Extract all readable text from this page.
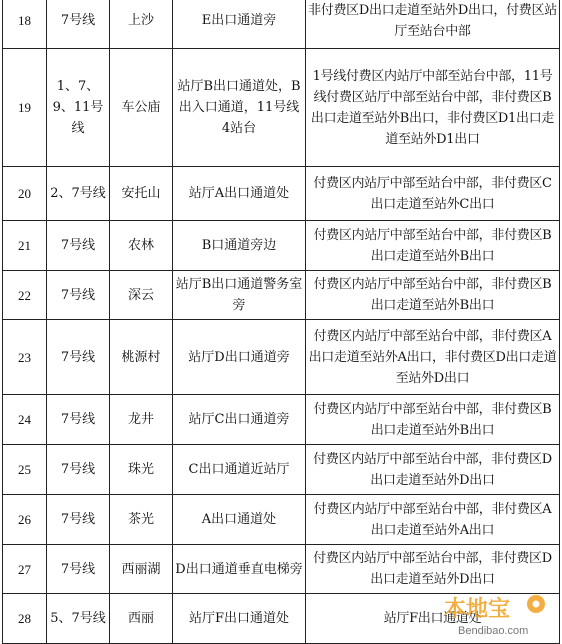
18	7号线	上沙	E出口通道旁	非付费区D出口走道至站外D出口，付费区站厅至站台中部
19	1、7、9、11号线	车公庙	站厅B出口通道处，B出入口通道，11号线4站台	1号线付费区内站厅中部至站台中部，11号线付费区站厅中部至站台中部，非付费区B出口走道至站外B出口，非付费区D1出口走道至站外D1出口
20	2、7号线	安托山	站厅A出口通道处	付费区内站厅中部至站台中部，非付费区C出口走道至站外C出口
21	7号线	农林	B口通道旁边	付费区内站厅中部至站台中部，非付费区B出口走道至站外B出口
22	7号线	深云	站厅B出口通道警务室旁	付费区内站厅中部至站台中部，非付费区B出口走道至站外B出口
23	7号线	桃源村	站厅D出口通道旁	付费区内站厅中部至站台中部，非付费区A出口走道至站外A出口，非付费区D出口走道至站外D出口
24	7号线	龙井	站厅C出口通道旁	付费区内站厅中部至站台中部，非付费区B出口走道至站外B出口
25	7号线	珠光	C出口通道近站厅	付费区内站厅中部至站台中部，非付费区D出口走道至站外D出口
26	7号线	茶光	A出口通道处	付费区内站厅中部至站台中部，非付费区A出口走道至站外A出口
27	7号线	西丽湖	D出口通道垂直电梯旁	付费区内站厅中部至站台中部，非付费区D出口走道至站外D出口
28	5、7号线	西丽	站厅F出口通道处	站厅F出口通道处
本地宝
Bendibao.com
